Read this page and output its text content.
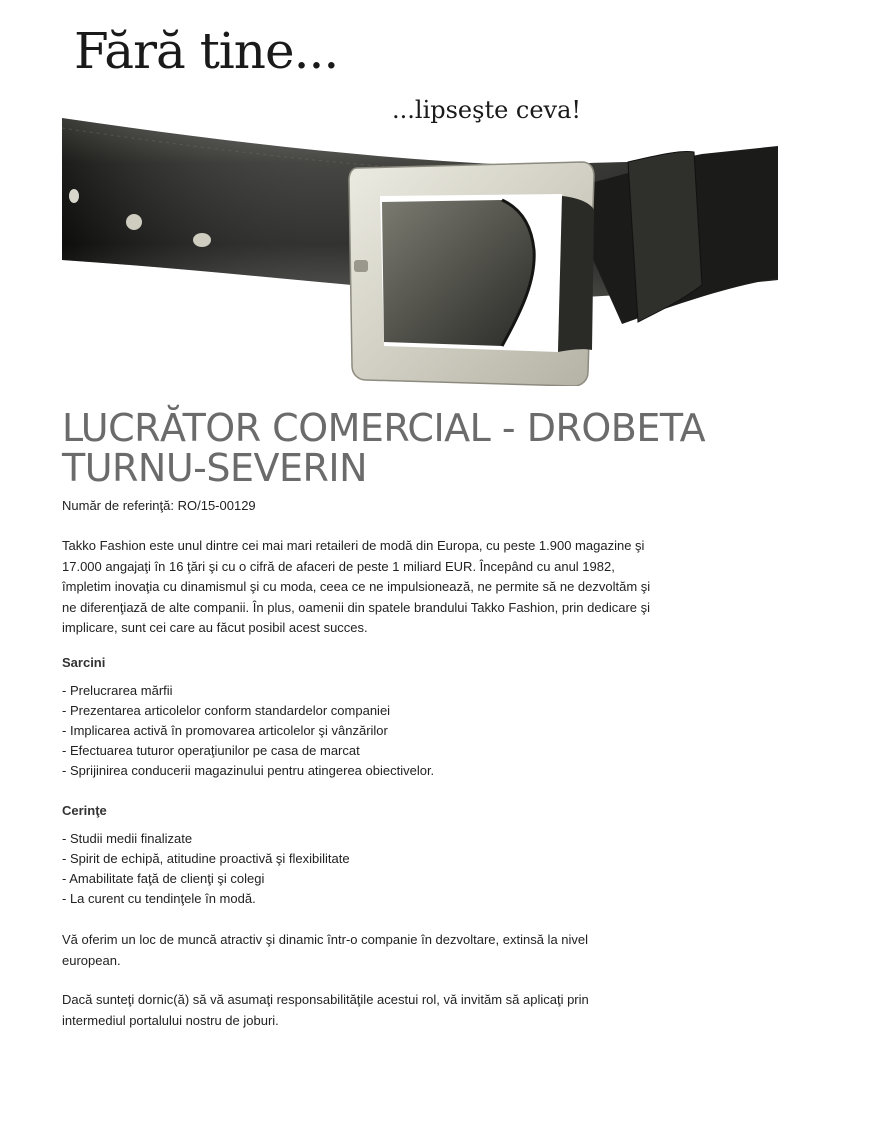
Fără tine...
...lipseşte ceva!
LUCRĂTOR COMERCIAL - DROBETA TURNU-SEVERIN
Număr de referinţă: RO/15-00129

Takko Fashion este unul dintre cei mai mari retaileri de modă din Europa, cu peste 1.900 magazine şi 17.000 angajaţi în 16 ţări şi cu o cifră de afaceri de peste 1 miliard EUR. Începând cu anul 1982, împletim inovaţia cu dinamismul şi cu moda, ceea ce ne impulsionează, ne permite să ne dezvoltăm şi ne diferenţiază de alte companii. În plus, oamenii din spatele brandului Takko Fashion, prin dedicare şi implicare, sunt cei care au făcut posibil acest succes.

Sarcini
- Prelucrarea mărfii
- Prezentarea articolelor conform standardelor companiei
- Implicarea activă în promovarea articolelor şi vânzărilor
- Efectuarea tuturor operaţiunilor pe casa de marcat
- Sprijinirea conducerii magazinului pentru atingerea obiectivelor.
Cerinţe
- Studii medii finalizate
- Spirit de echipă, atitudine proactivă şi flexibilitate
- Amabilitate faţă de clienţi şi colegi
- La curent cu tendinţele în modă.

Vă oferim un loc de muncă atractiv şi dinamic într-o companie în dezvoltare, extinsă la nivel european.

Dacă sunteţi dornic(ă) să vă asumaţi responsabilităţile acestui rol, vă invităm să aplicaţi prin intermediul portalului nostru de joburi.
